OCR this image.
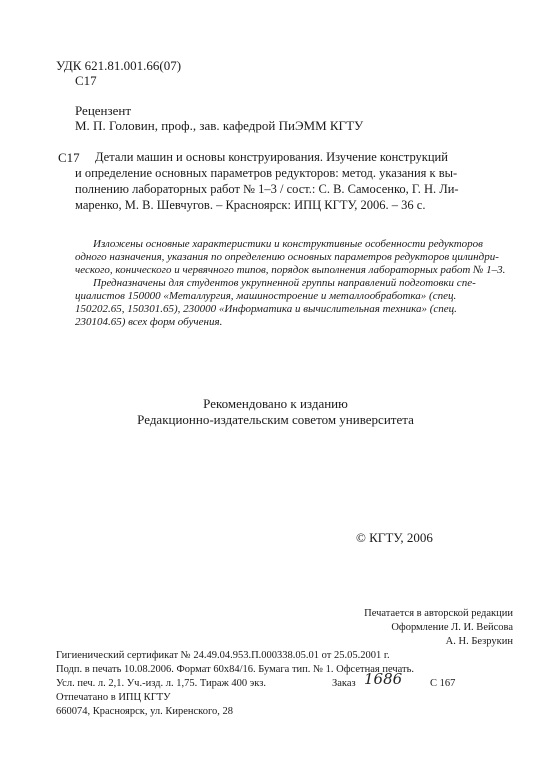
УДК 621.81.001.66(07)
С17
Рецензент
М. П. Головин, проф., зав. кафедрой ПиЭММ КГТУ
С17 Детали машин и основы конструирования. Изучение конструкций
и определение основных параметров редукторов: метод. указания к вы-
полнению лабораторных работ № 1–3 / сост.: С. В. Самосенко, Г. Н. Ли-
маренко, М. В. Шевчугов. – Красноярск: ИПЦ КГТУ, 2006. – 36 с.
Изложены основные характеристики и конструктивные особенности редукторов
одного назначения, указания по определению основных параметров редукторов цилиндри-
ческого, конического и червячного типов, порядок выполнения лабораторных работ № 1–3.
Предназначены для студентов укрупненной группы направлений подготовки спе-
циалистов 150000 «Металлургия, машиностроение и металлообработка» (спец.
150202.65, 150301.65), 230000 «Информатика и вычислительная техника» (спец.
230104.65) всех форм обучения.
Рекомендовано к изданию
Редакционно-издательским советом университета
© КГТУ, 2006
Печатается в авторской редакции
Оформление Л. И. Вейсова
А. Н. Безрукин
Гигиенический сертификат № 24.49.04.953.П.000338.05.01 от 25.05.2001 г.
Подп. в печать 10.08.2006. Формат 60х84/16. Бумага тип. № 1. Офсетная печать.
Усл. печ. л. 2,1. Уч.-изд. л. 1,75. Тираж 400 экз.	Заказ 1686	С 167
Отпечатано в ИПЦ КГТУ
660074, Красноярск, ул. Киренского, 28
